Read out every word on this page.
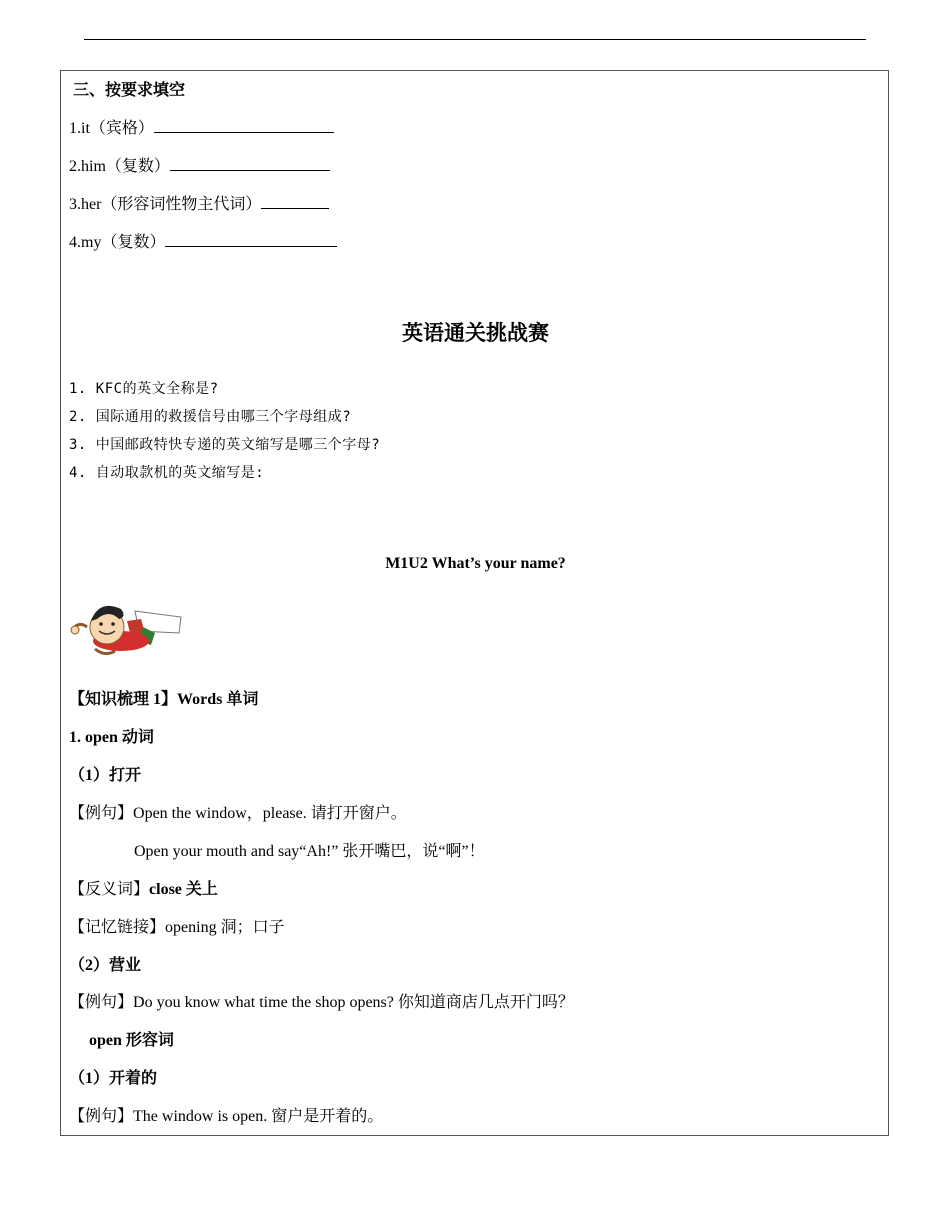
三、按要求填空
1.it（宾格）
2.him（复数）
3.her（形容词性物主代词）
4.my（复数）
英语通关挑战赛
1. KFC的英文全称是?
2. 国际通用的救援信号由哪三个字母组成?
3. 中国邮政特快专递的英文缩写是哪三个字母?
4. 自动取款机的英文缩写是:
M1U2 What’s your name?
【知识梳理 1】Words 单词
1. open 动词
（1）打开
【例句】Open the window，please. 请打开窗户。
Open your mouth and say“Ah!” 张开嘴巴，说“啊”！
【反义词】close 关上
【记忆链接】opening 洞；口子
（2）营业
【例句】Do you know what time the shop opens? 你知道商店几点开门吗？
open 形容词
（1）开着的
【例句】The window is open. 窗户是开着的。
